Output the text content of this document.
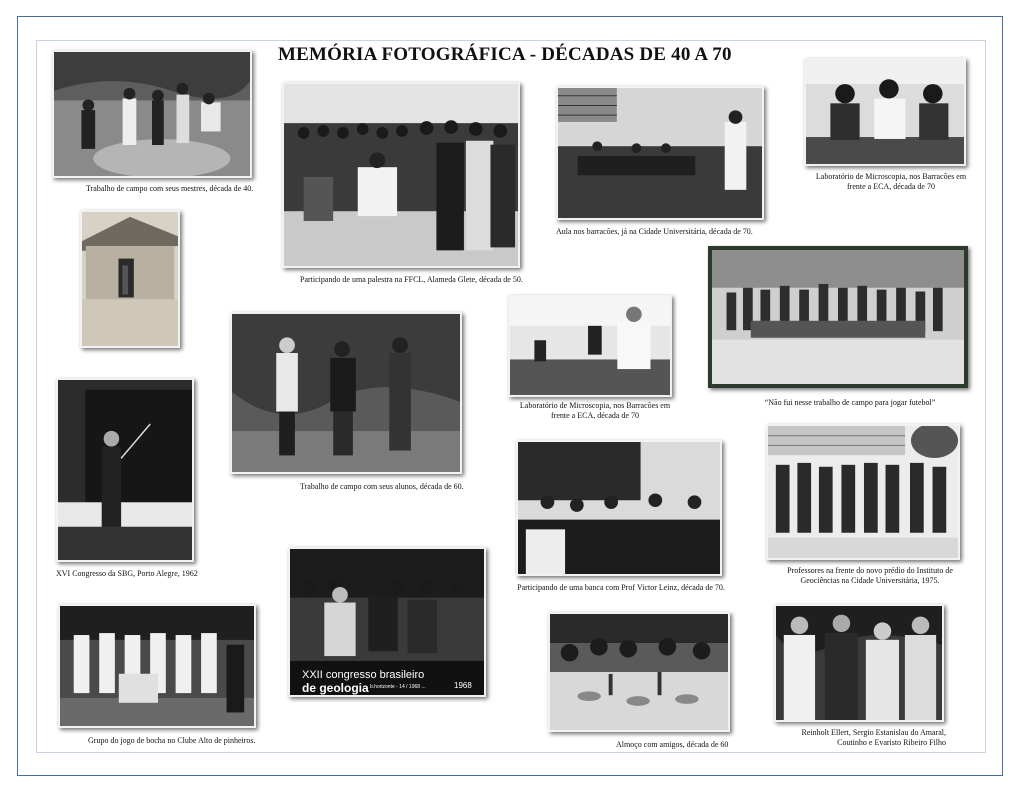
MEMÓRIA FOTOGRÁFICA - DÉCADAS DE 40 A 70
Trabalho de campo com seus mestres, década de 40.
Participando de uma palestra na FFCL, Alameda Glete, década de 50.
Aula nos barracões, já na Cidade Universitária, década de 70.
Laboratório de Microscopia, nos Barracões em frente a ECA, década de 70
Trabalho de campo com seus alunos, década de 60.
Laboratório de Microscopia, nos Barracões em frente a ECA, década de 70
“Não fui nesse trabalho de campo para jogar futebol”
XVI Congresso da SBG, Porto Alegre, 1962
Participando de uma banca com Prof Victor Leinz, década de 70.
Professores na frente do novo prédio do Instituto de Geociências na Cidade Universitária, 1975.
Grupo do jogo de bocha no Clube Alto de pinheiros.
XXII congresso brasileiro
de geologia b.horizonte - 14 / 1968 ...	1968
Almoço com amigos, década de 60
Reinholt Ellert, Sergio Estanislau do Amaral, Coutinho e Evaristo Ribeiro Filho
